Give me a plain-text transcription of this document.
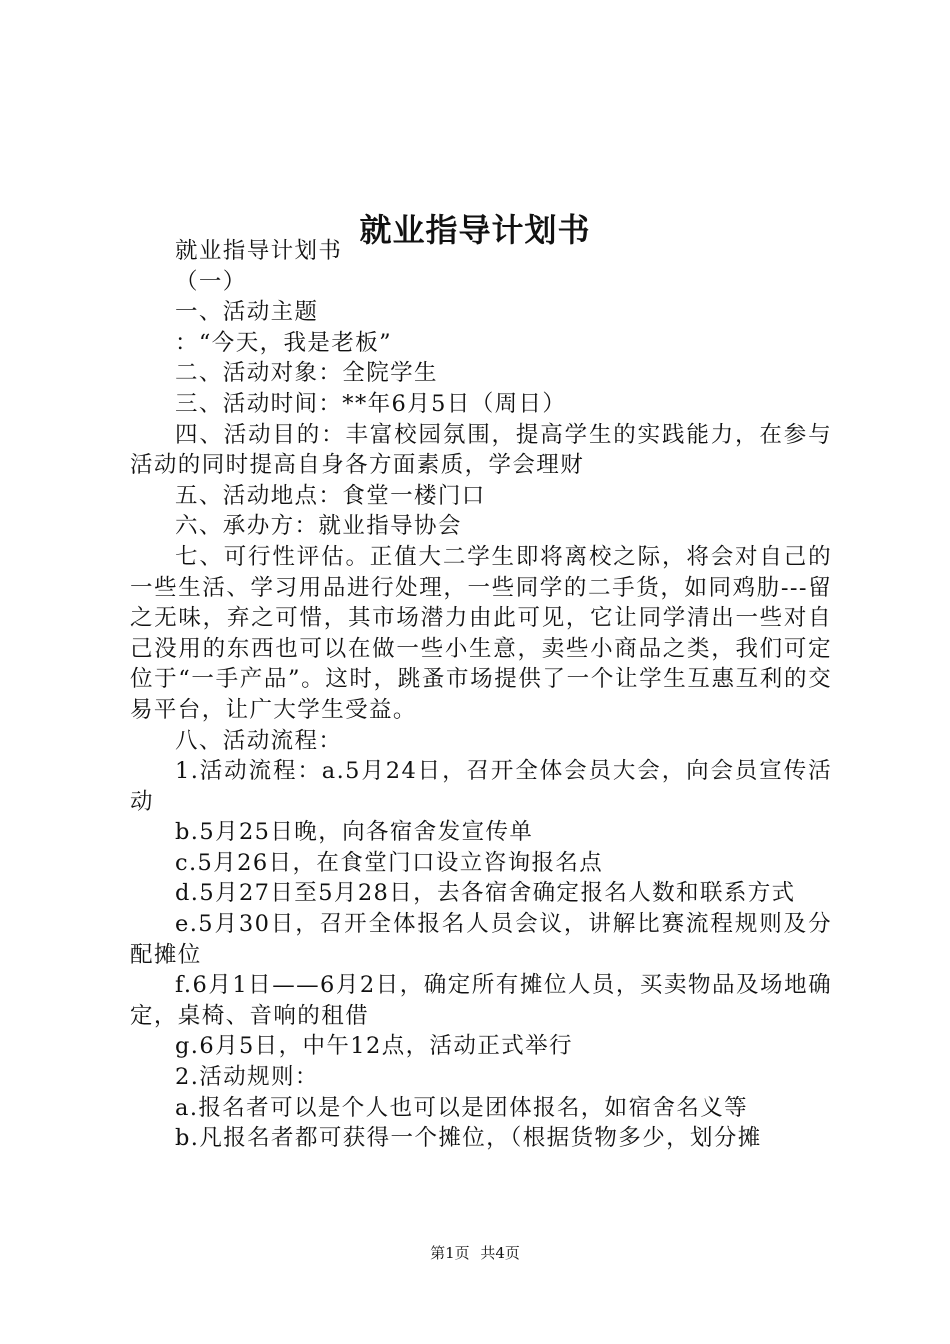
就业指导计划书

就业指导计划书

（一）

一、活动主题

：“今天，我是老板”

二、活动对象：全院学生

三、活动时间：**年6月5日（周日）

四、活动目的：丰富校园氛围，提高学生的实践能力，在参与活动的同时提高自身各方面素质，学会理财

五、活动地点：食堂一楼门口

六、承办方：就业指导协会

七、可行性评估。正值大二学生即将离校之际，将会对自己的一些生活、学习用品进行处理，一些同学的二手货，如同鸡肋---留之无味，弃之可惜，其市场潜力由此可见，它让同学清出一些对自己没用的东西也可以在做一些小生意，卖些小商品之类，我们可定位于“一手产品”。这时，跳蚤市场提供了一个让学生互惠互利的交易平台，让广大学生受益。

八、活动流程：

1.活动流程：a.5月24日，召开全体会员大会，向会员宣传活动

b.5月25日晚，向各宿舍发宣传单

c.5月26日，在食堂门口设立咨询报名点

d.5月27日至5月28日，去各宿舍确定报名人数和联系方式

e.5月30日，召开全体报名人员会议，讲解比赛流程规则及分配摊位

f.6月1日——6月2日，确定所有摊位人员，买卖物品及场地确定，桌椅、音响的租借

g.6月5日，中午12点，活动正式举行

2.活动规则：

a.报名者可以是个人也可以是团体报名，如宿舍名义等

b.凡报名者都可获得一个摊位，（根据货物多少，划分摊

第1页 共4页
